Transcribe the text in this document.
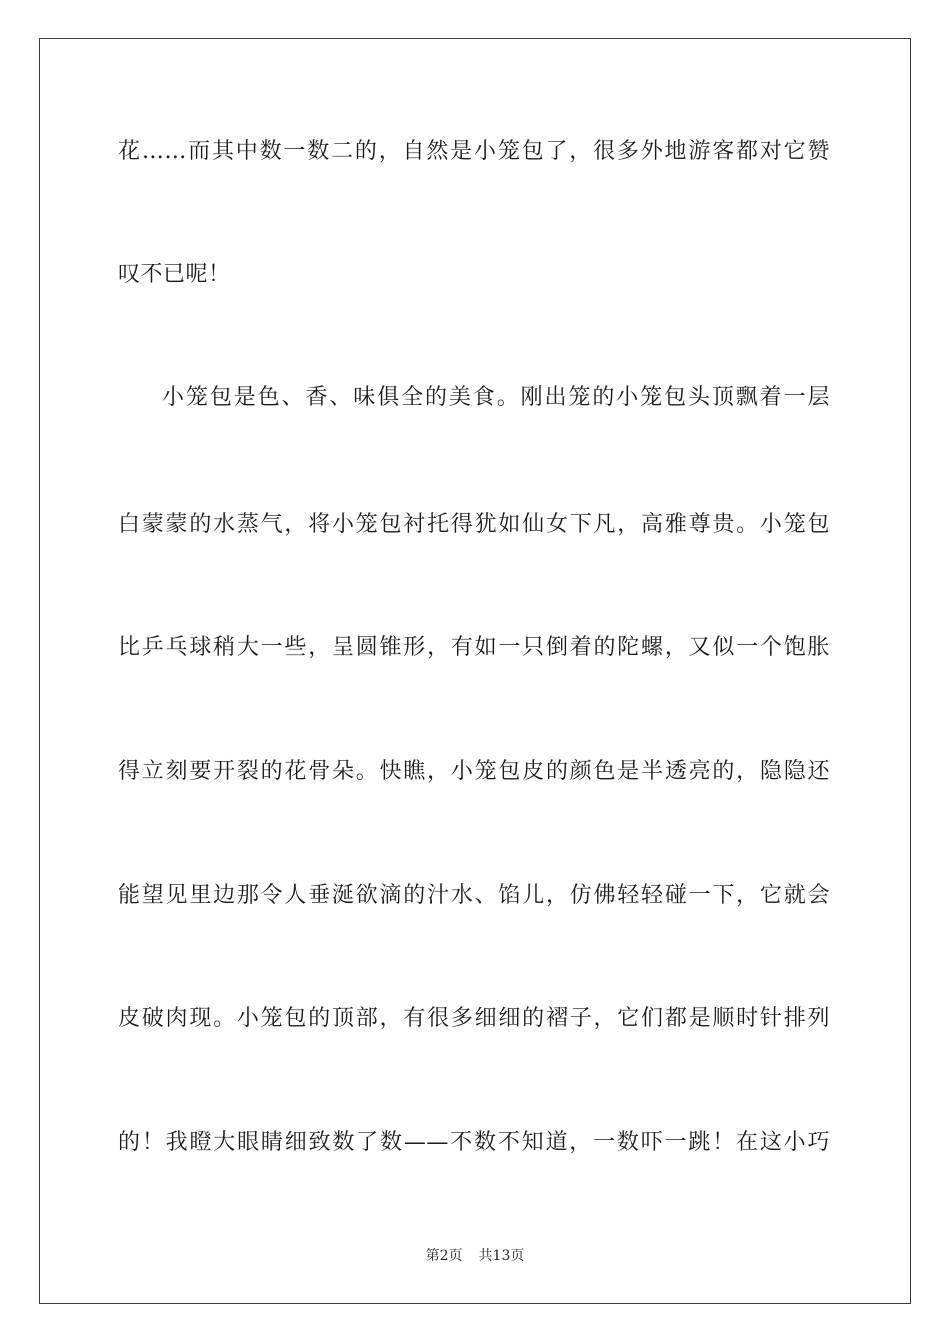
花……而其中数一数二的，自然是小笼包了，很多外地游客都对它赞
叹不已呢！
小笼包是色、香、味俱全的美食。刚出笼的小笼包头顶飘着一层
白蒙蒙的水蒸气，将小笼包衬托得犹如仙女下凡，高雅尊贵。小笼包
比乒乓球稍大一些，呈圆锥形，有如一只倒着的陀螺，又似一个饱胀
得立刻要开裂的花骨朵。快瞧，小笼包皮的颜色是半透亮的，隐隐还
能望见里边那令人垂涎欲滴的汁水、馅儿，仿佛轻轻碰一下，它就会
皮破肉现。小笼包的顶部，有很多细细的褶子，它们都是顺时针排列
的！我瞪大眼睛细致数了数——不数不知道，一数吓一跳！在这小巧
第2页 共13页
